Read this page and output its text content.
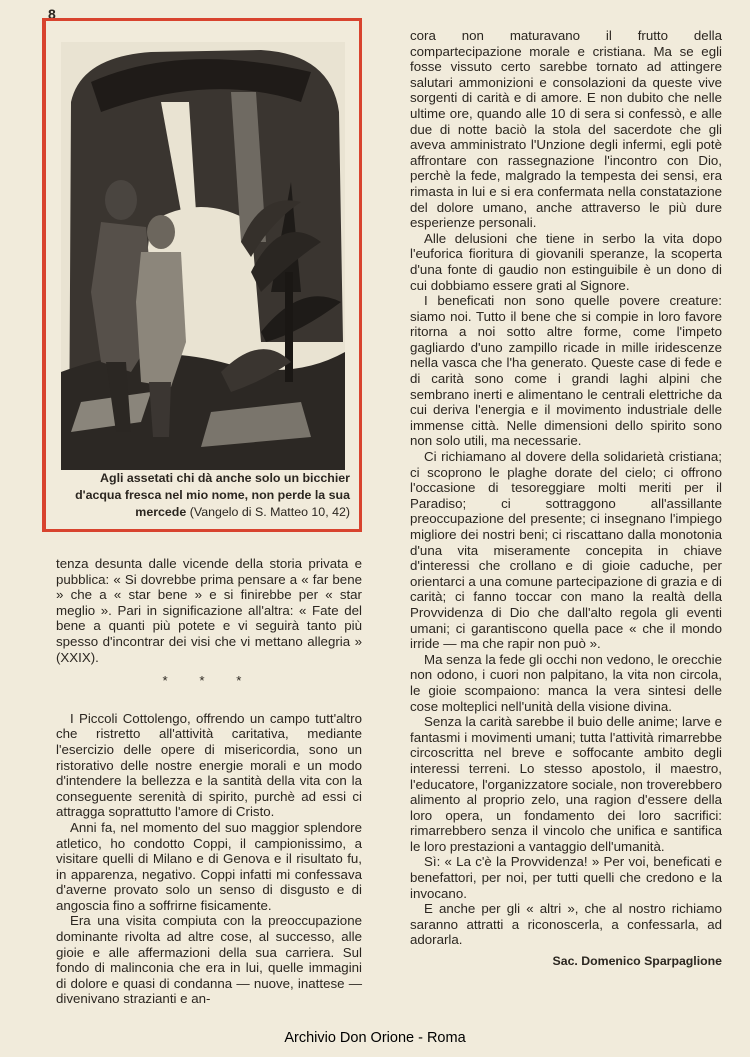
8
Agli assetati chi dà anche solo un bicchier d'acqua fresca nel mio nome, non perde la sua mercede (Vangelo di S. Matteo 10, 42)

tenza desunta dalle vicende della storia privata e pubblica: « Si dovrebbe prima pensare a « far bene » che a « star bene » e si finirebbe per « star meglio ». Pari in significazione all'altra: « Fate del bene a quanti più potete e vi seguirà tanto più spesso d'incontrar dei visi che vi mettano allegria » (XXIX).

* * *

I Piccoli Cottolengo, offrendo un campo tutt'altro che ristretto all'attività caritativa, mediante l'esercizio delle opere di misericordia, sono un ristorativo delle nostre energie morali e un modo d'intendere la bellezza e la santità della vita con la conseguente serenità di spirito, purchè ad essi ci attragga soprattutto l'amore di Cristo.

Anni fa, nel momento del suo maggior splendore atletico, ho condotto Coppi, il campionissimo, a visitare quelli di Milano e di Genova e il risultato fu, in apparenza, negativo. Coppi infatti mi confessava d'averne provato solo un senso di disgusto e di angoscia fino a soffrirne fisicamente.

Era una visita compiuta con la preoccupazione dominante rivolta ad altre cose, al successo, alle gioie e alle affermazioni della sua carriera. Sul fondo di malinconia che era in lui, quelle immagini di dolore e quasi di condanna — nuove, inattese — divenivano strazianti e an-

cora non maturavano il frutto della compartecipazione morale e cristiana. Ma se egli fosse vissuto certo sarebbe tornato ad attingere salutari ammonizioni e consolazioni da queste vive sorgenti di carità e di amore. E non dubito che nelle ultime ore, quando alle 10 di sera si confessò, e alle due di notte baciò la stola del sacerdote che gli aveva amministrato l'Unzione degli infermi, egli potè affrontare con rassegnazione l'incontro con Dio, perchè la fede, malgrado la tempesta dei sensi, era rimasta in lui e si era confermata nella constatazione del dolore umano, anche attraverso le più dure esperienze personali.

Alle delusioni che tiene in serbo la vita dopo l'euforica fioritura di giovanili speranze, la scoperta d'una fonte di gaudio non estinguibile è un dono di cui dobbiamo essere grati al Signore.

I beneficati non sono quelle povere creature: siamo noi. Tutto il bene che si compie in loro favore ritorna a noi sotto altre forme, come l'impeto gagliardo d'uno zampillo ricade in mille iridescenze nella vasca che l'ha generato. Queste case di fede e di carità sono come i grandi laghi alpini che sembrano inerti e alimentano le centrali elettriche da cui deriva l'energia e il movimento industriale delle immense città. Nelle dimensioni dello spirito sono non solo utili, ma necessarie.

Ci richiamano al dovere della solidarietà cristiana; ci scoprono le plaghe dorate del cielo; ci offrono l'occasione di tesoreggiare molti meriti per il Paradiso; ci sottraggono all'assillante preoccupazione del presente; ci insegnano l'impiego migliore dei nostri beni; ci riscattano dalla monotonia d'una vita miseramente concepita in chiave d'interessi che crollano e di gioie caduche, per orientarci a una comune partecipazione di grazia e di carità; ci fanno toccar con mano la realtà della Provvidenza di Dio che dall'alto regola gli eventi umani; ci garantiscono quella pace « che il mondo irride — ma che rapir non può ».

Ma senza la fede gli occhi non vedono, le orecchie non odono, i cuori non palpitano, la vita non circola, le gioie scompaiono: manca la vera sintesi delle cose molteplici nell'unità della visione divina.

Senza la carità sarebbe il buio delle anime; larve e fantasmi i movimenti umani; tutta l'attività rimarrebbe circoscritta nel breve e soffocante ambito degli interessi terreni. Lo stesso apostolo, il maestro, l'educatore, l'organizzatore sociale, non troverebbero alimento al proprio zelo, una ragion d'essere della loro opera, un fondamento dei loro sacrifici: rimarrebbero senza il vincolo che unifica e santifica le loro prestazioni a vantaggio dell'umanità.

Sì: « La c'è la Provvidenza! » Per voi, beneficati e benefattori, per noi, per tutti quelli che credono e la invocano.

E anche per gli « altri », che al nostro richiamo saranno attratti a riconoscerla, a confessarla, ad adorarla.

Sac. Domenico Sparpaglione

Archivio Don Orione - Roma
